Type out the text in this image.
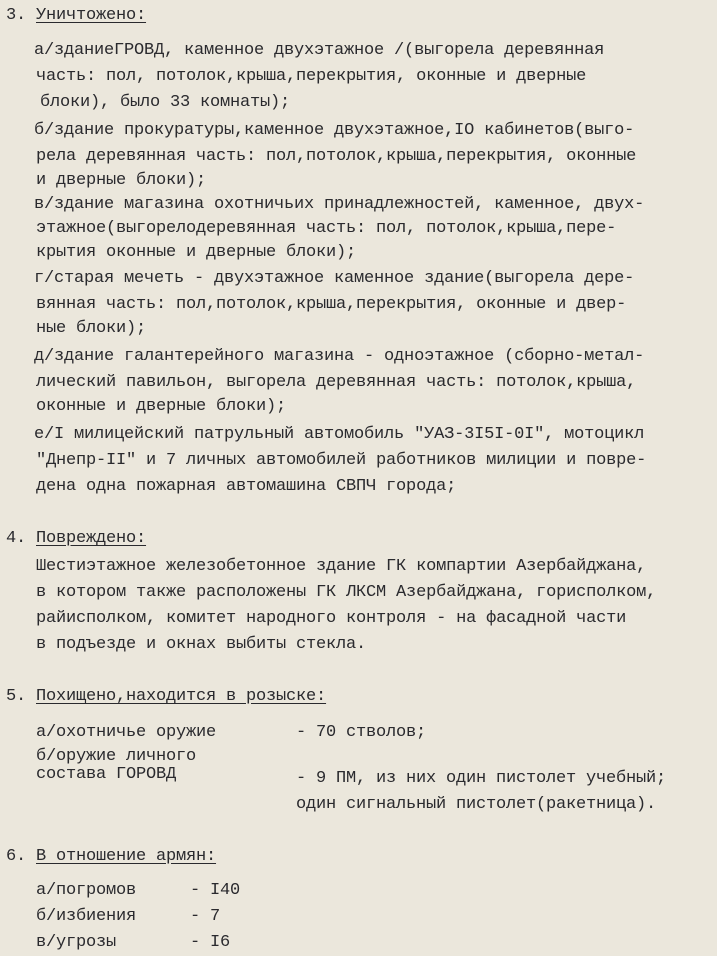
3. Уничтожено:
а/зданиеГРОВД, каменное двухэтажное /(выгорела деревянная
часть: пол, потолок,крыша,перекрытия, оконные и дверные
блоки), было 33 комнаты);
б/здание прокуратуры,каменное двухэтажное,IO кабинетов(выго-
рела деревянная часть: пол,потолок,крыша,перекрытия, оконные
и дверные блоки);
в/здание магазина охотничьих принадлежностей, каменное, двух-
этажное(выгорелодеревянная часть: пол, потолок,крыша,пере-
крытия оконные и дверные блоки);
г/старая мечеть - двухэтажное каменное здание(выгорела дере-
вянная часть: пол,потолок,крыша,перекрытия, оконные и двер-
ные блоки);
д/здание галантерейного магазина - одноэтажное (сборно-метал-
лический павильон, выгорела деревянная часть: потолок,крыша,
оконные и дверные блоки);
е/I милицейский патрульный автомобиль "УАЗ-3I5I-0I", мотоцикл
"Днепр-II" и 7 личных автомобилей работников милиции и повре-
дена одна пожарная автомашина СВПЧ города;
4. Повреждено:
Шестиэтажное железобетонное здание ГК компартии Азербайджана,
в котором также расположены ГК ЛКСМ Азербайджана, горисполком,
райисполком, комитет народного контроля - на фасадной части
в подъезде и окнах выбиты стекла.
5. Похищено,находится в розыске:
а/охотничье оружие	- 70 стволов;
б/оружие личного
состава ГОРОВД	- 9 ПМ, из них один пистолет учебный;
один сигнальный пистолет(ракетница).
6. В отношение армян:
а/погромов	- I40
б/избиения	- 7
в/угрозы	- I6
